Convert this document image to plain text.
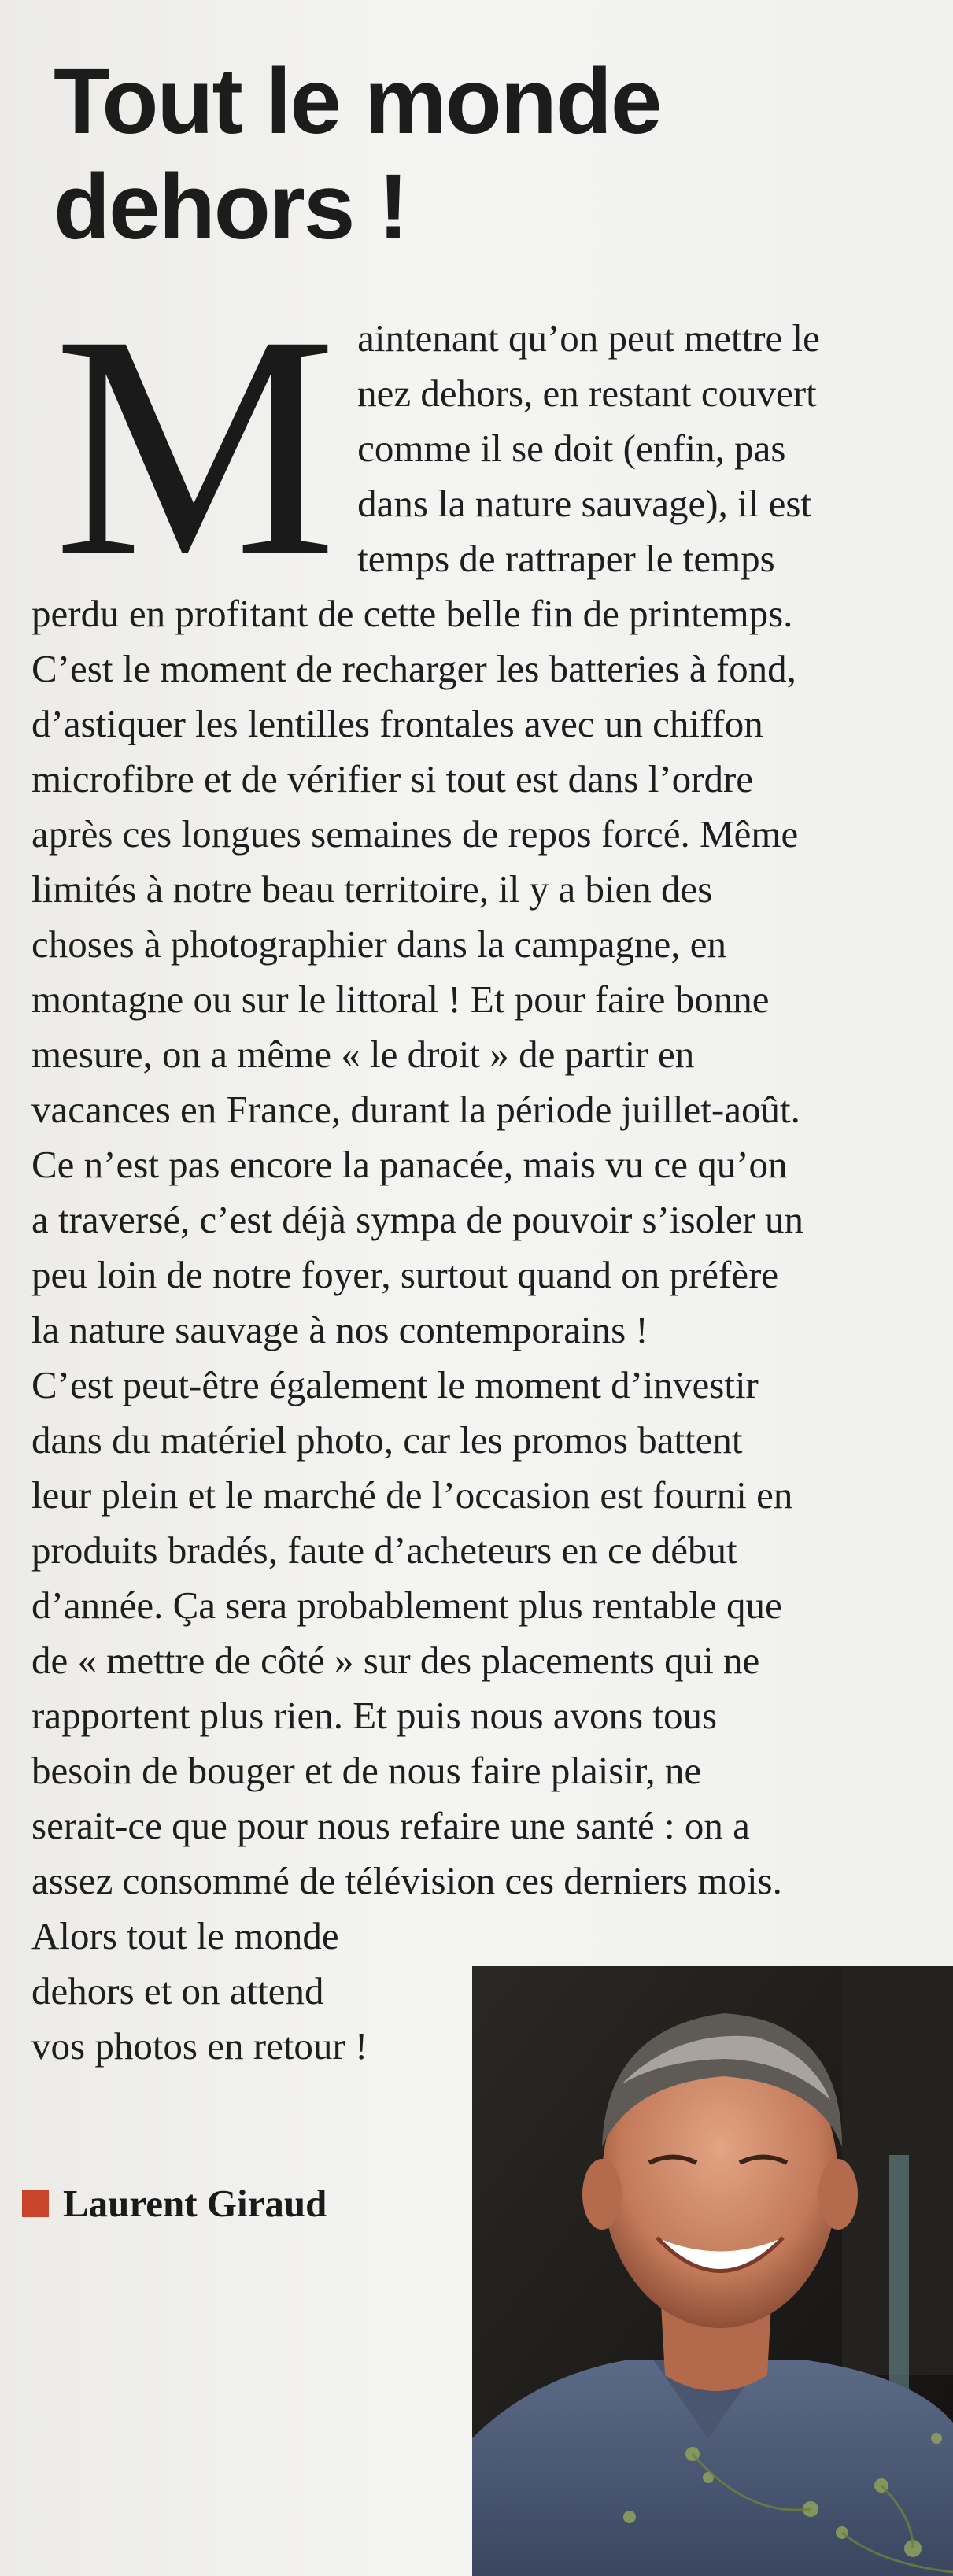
Tout le monde
dehors !
M aintenant qu’on peut mettre le
nez dehors, en restant couvert
comme il se doit (enfin, pas
dans la nature sauvage), il est
temps de rattraper le temps
perdu en profitant de cette belle fin de printemps.
C’est le moment de recharger les batteries à fond,
d’astiquer les lentilles frontales avec un chiffon
microfibre et de vérifier si tout est dans l’ordre
après ces longues semaines de repos forcé. Même
limités à notre beau territoire, il y a bien des
choses à photographier dans la campagne, en
montagne ou sur le littoral ! Et pour faire bonne
mesure, on a même « le droit » de partir en
vacances en France, durant la période juillet-août.
Ce n’est pas encore la panacée, mais vu ce qu’on
a traversé, c’est déjà sympa de pouvoir s’isoler un
peu loin de notre foyer, surtout quand on préfère
la nature sauvage à nos contemporains !
C’est peut-être également le moment d’investir
dans du matériel photo, car les promos battent
leur plein et le marché de l’occasion est fourni en
produits bradés, faute d’acheteurs en ce début
d’année. Ça sera probablement plus rentable que
de « mettre de côté » sur des placements qui ne
rapportent plus rien. Et puis nous avons tous
besoin de bouger et de nous faire plaisir, ne
serait-ce que pour nous refaire une santé : on a
assez consommé de télévision ces derniers mois.
Alors tout le monde
dehors et on attend
vos photos en retour !
Laurent Giraud
